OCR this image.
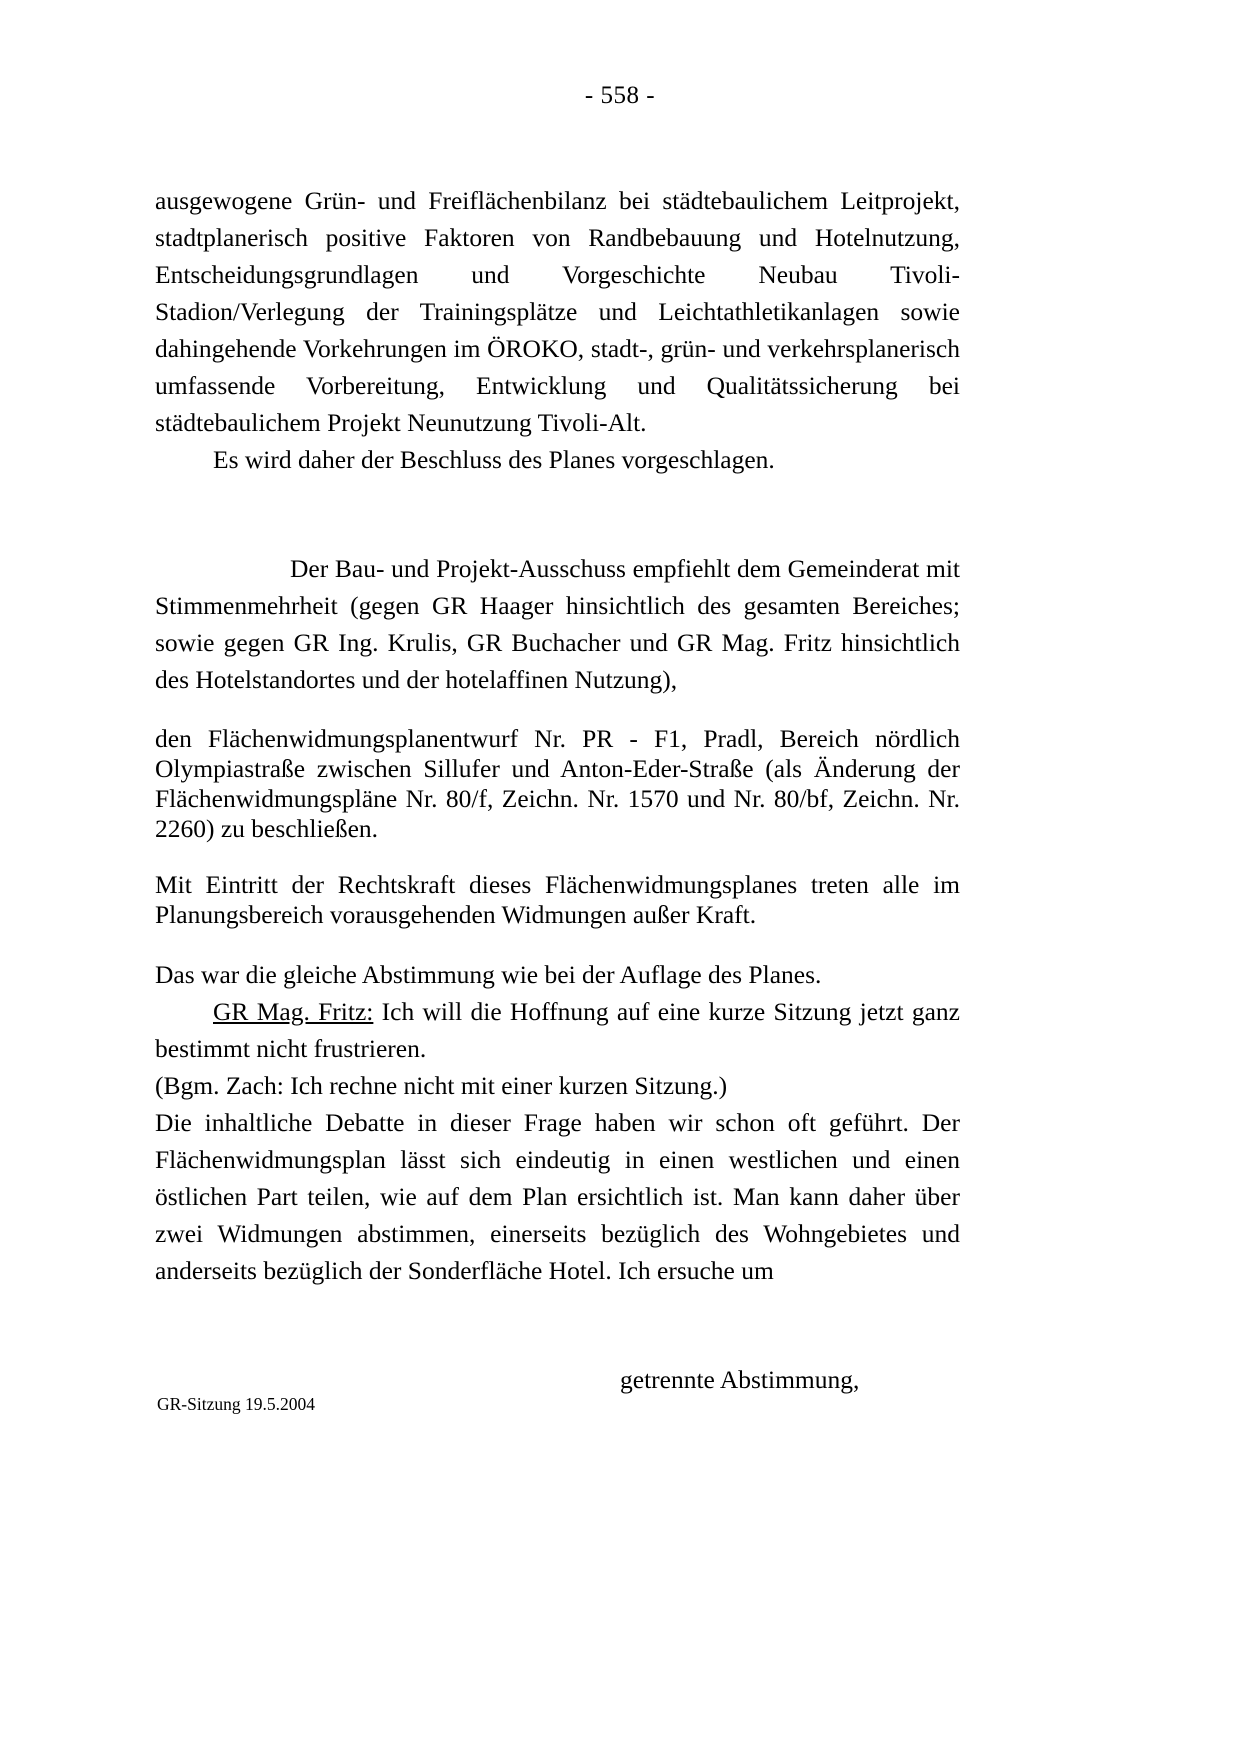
- 558 -

ausgewogene Grün- und Freiflächenbilanz bei städtebaulichem Leitprojekt, stadtplanerisch positive Faktoren von Randbebauung und Hotelnutzung, Entscheidungsgrundlagen und Vorgeschichte Neubau Tivoli-Stadion/Verlegung der Trainingsplätze und Leichtathletikanlagen sowie dahingehende Vorkehrungen im ÖROKO, stadt-, grün- und verkehrsplanerisch umfassende Vorbereitung, Entwicklung und Qualitätssicherung bei städtebaulichem Projekt Neunutzung Tivoli-Alt.

Es wird daher der Beschluss des Planes vorgeschlagen.

Der Bau- und Projekt-Ausschuss empfiehlt dem Gemeinderat mit Stimmenmehrheit (gegen GR Haager hinsichtlich des gesamten Bereiches; sowie gegen GR Ing. Krulis, GR Buchacher und GR Mag. Fritz hinsichtlich des Hotelstandortes und der hotelaffinen Nutzung),

den Flächenwidmungsplanentwurf Nr. PR - F1, Pradl, Bereich nördlich Olympiastraße zwischen Sillufer und Anton-Eder-Straße (als Änderung der Flächenwidmungspläne Nr. 80/f, Zeichn. Nr. 1570 und Nr. 80/bf, Zeichn. Nr. 2260) zu beschließen.

Mit Eintritt der Rechtskraft dieses Flächenwidmungsplanes treten alle im Planungsbereich vorausgehenden Widmungen außer Kraft.

Das war die gleiche Abstimmung wie bei der Auflage des Planes.

GR Mag. Fritz: Ich will die Hoffnung auf eine kurze Sitzung jetzt ganz bestimmt nicht frustrieren.

(Bgm. Zach: Ich rechne nicht mit einer kurzen Sitzung.)

Die inhaltliche Debatte in dieser Frage haben wir schon oft geführt. Der Flächenwidmungsplan lässt sich eindeutig in einen westlichen und einen östlichen Part teilen, wie auf dem Plan ersichtlich ist. Man kann daher über zwei Widmungen abstimmen, einerseits bezüglich des Wohngebietes und anderseits bezüglich der Sonderfläche Hotel. Ich ersuche um

getrennte Abstimmung,

GR-Sitzung 19.5.2004
